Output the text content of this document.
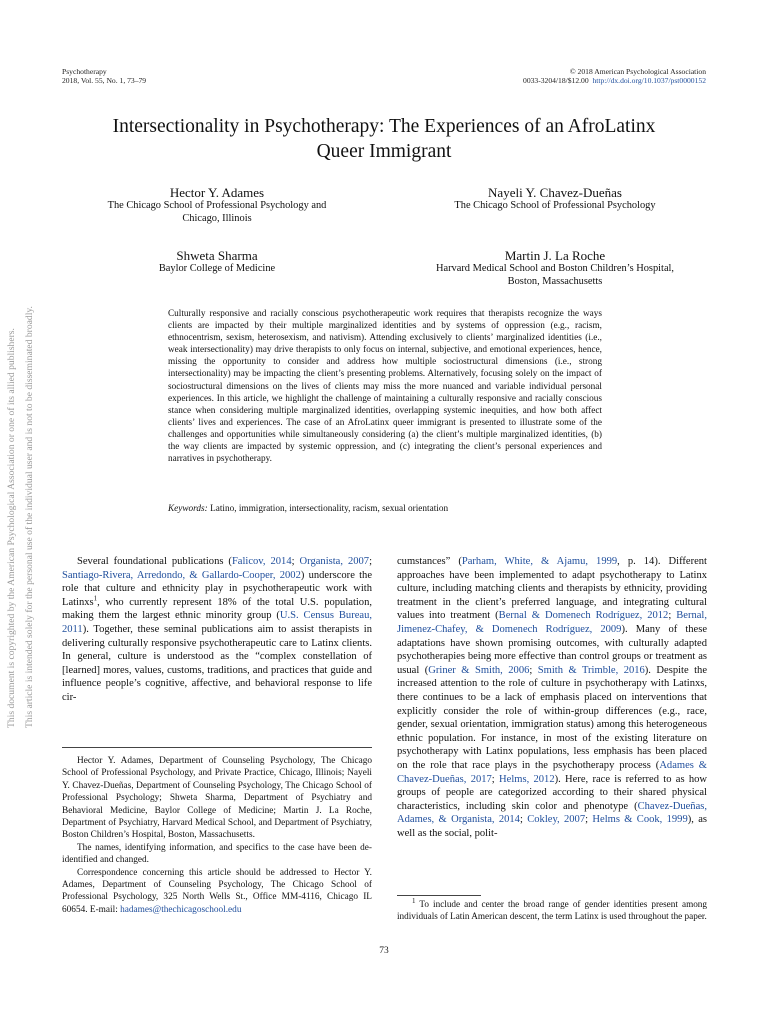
Psychotherapy
2018, Vol. 55, No. 1, 73–79
© 2018 American Psychological Association
0033-3204/18/$12.00 http://dx.doi.org/10.1037/pst0000152
This document is copyrighted by the American Psychological Association or one of its allied publishers. This article is intended solely for the personal use of the individual user and is not to be disseminated broadly.
Intersectionality in Psychotherapy: The Experiences of an AfroLatinx
Queer Immigrant
Hector Y. Adames
The Chicago School of Professional Psychology and
Chicago, Illinois
Nayeli Y. Chavez-Dueñas
The Chicago School of Professional Psychology
Shweta Sharma
Baylor College of Medicine
Martin J. La Roche
Harvard Medical School and Boston Children’s Hospital,
Boston, Massachusetts

Culturally responsive and racially conscious psychotherapeutic work requires that therapists recognize the ways clients are impacted by their multiple marginalized identities and by systems of oppression (e.g., racism, ethnocentrism, sexism, heterosexism, and nativism). Attending exclusively to clients’ marginalized identities (i.e., weak intersectionality) may drive therapists to only focus on internal, subjective, and emotional experiences, hence, missing the opportunity to consider and address how multiple sociostructural dimensions (i.e., strong intersectionality) may be impacting the client’s presenting problems. Alternatively, focusing solely on the impact of sociostructural dimensions on the lives of clients may miss the more nuanced and variable individual personal experiences. In this article, we highlight the challenge of maintaining a culturally responsive and racially conscious stance when considering multiple marginalized identities, overlapping systemic inequities, and how both affect clients’ lives and experiences. The case of an AfroLatinx queer immigrant is presented to illustrate some of the challenges and opportunities while simultaneously considering (a) the client’s multiple marginalized identities, (b) the way clients are impacted by systemic oppression, and (c) integrating the client’s personal experiences and narratives in psychotherapy.

Keywords: Latino, immigration, intersectionality, racism, sexual orientation

Several foundational publications (Falicov, 2014; Organista, 2007; Santiago-Rivera, Arredondo, & Gallardo-Cooper, 2002) underscore the role that culture and ethnicity play in psychotherapeutic work with Latinxs$^1$, who currently represent 18% of the total U.S. population, making them the largest ethnic minority group (U.S. Census Bureau, 2011). Together, these seminal publications aim to assist therapists in delivering culturally responsive psychotherapeutic care to Latinx clients. In general, culture is understood as the “complex constellation of [learned] mores, values, customs, traditions, and practices that guide and influence people’s cognitive, affective, and behavioral response to life cir-

Hector Y. Adames, Department of Counseling Psychology, The Chicago School of Professional Psychology, and Private Practice, Chicago, Illinois; Nayeli Y. Chavez-Dueñas, Department of Counseling Psychology, The Chicago School of Professional Psychology; Shweta Sharma, Department of Psychiatry and Behavioral Medicine, Baylor College of Medicine; Martin J. La Roche, Department of Psychiatry, Harvard Medical School, and Department of Psychiatry, Boston Children’s Hospital, Boston, Massachusetts.

The names, identifying information, and specifics to the case have been de-identified and changed.

Correspondence concerning this article should be addressed to Hector Y. Adames, Department of Counseling Psychology, The Chicago School of Professional Psychology, 325 North Wells St., Office MM-4116, Chicago IL 60654. E-mail: hadames@thechicagoschool.edu

cumstances” (Parham, White, & Ajamu, 1999, p. 14). Different approaches have been implemented to adapt psychotherapy to Latinx culture, including matching clients and therapists by ethnicity, providing treatment in the client’s preferred language, and integrating cultural values into treatment (Bernal & Domenech Rodríguez, 2012; Bernal, Jimenez-Chafey, & Domenech Rodríguez, 2009). Many of these adaptations have shown promising outcomes, with culturally adapted psychotherapies being more effective than control groups or treatment as usual (Griner & Smith, 2006; Smith & Trimble, 2016). Despite the increased attention to the role of culture in psychotherapy with Latinxs, there continues to be a lack of emphasis placed on interventions that explicitly consider the role of within-group differences (e.g., race, gender, sexual orientation, immigration status) among this heterogeneous ethnic population. For instance, in most of the existing literature on psychotherapy with Latinx populations, less emphasis has been placed on the role that race plays in the psychotherapy process (Adames & Chavez-Dueñas, 2017; Helms, 2012). Here, race is referred to as how groups of people are categorized according to their shared physical characteristics, including skin color and phenotype (Chavez-Dueñas, Adames, & Organista, 2014; Cokley, 2007; Helms & Cook, 1999), as well as the social, polit-

$^1$ To include and center the broad range of gender identities present among individuals of Latin American descent, the term Latinx is used throughout the paper.

73
